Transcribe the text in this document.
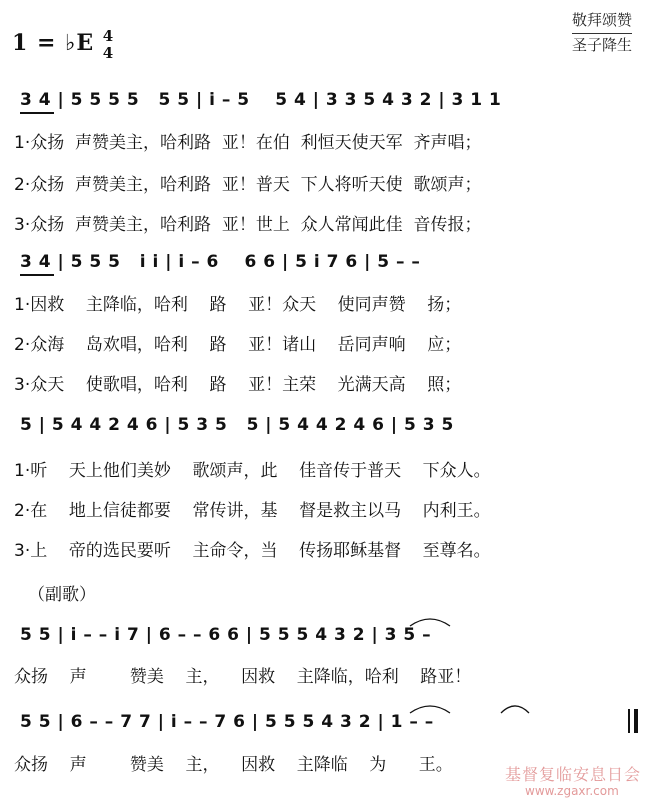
1 = ♭E 4
4
敬拜颂赞
圣子降生
3 4 | 5 5 5 5   5 5 | i̇ – 5    5 4 | 3 3 5 4 3 2 | 3 1 1
1·众扬  声赞美主，哈利路  亚！在伯  利恒天使天军  齐声唱；
2·众扬  声赞美主，哈利路  亚！普天  下人将听天使  歌颂声；
3·众扬  声赞美主，哈利路  亚！世上  众人常闻此佳  音传报；
3 4 | 5 5 5   i̇ i̇ | i̇ – 6    6 6 | 5 i̇ 7 6 | 5 – –
1·因救    主降临，哈利    路    亚！众天    使同声赞    扬；
2·众海    岛欢唱，哈利    路    亚！诸山    岳同声响    应；
3·众天    使歌唱，哈利    路    亚！主荣    光满天高    照；
5 | 5 4 4 2 4 6 | 5 3 5   5 | 5 4 4 2 4 6 | 5 3 5
1·听    天上他们美妙    歌颂声，此    佳音传于普天    下众人。
2·在    地上信徒都要    常传讲，基    督是救主以马    内利王。
3·上    帝的选民要听    主命令，当    传扬耶稣基督    至尊名。
（副歌）
5 5 | i̇ – – i̇ 7 | 6 – – 6 6 | 5 5 5 4 3 2 | 3 5 –
众扬    声        赞美    主，    因救    主降临，哈利    路亚！
5 5 | 6 – – 7 7 | i̇ – – 7 6 | 5 5 5 4 3 2 | 1 – –
众扬    声        赞美    主，    因救    主降临    为      王。	基督复临安息日会
www.zgaxr.com
